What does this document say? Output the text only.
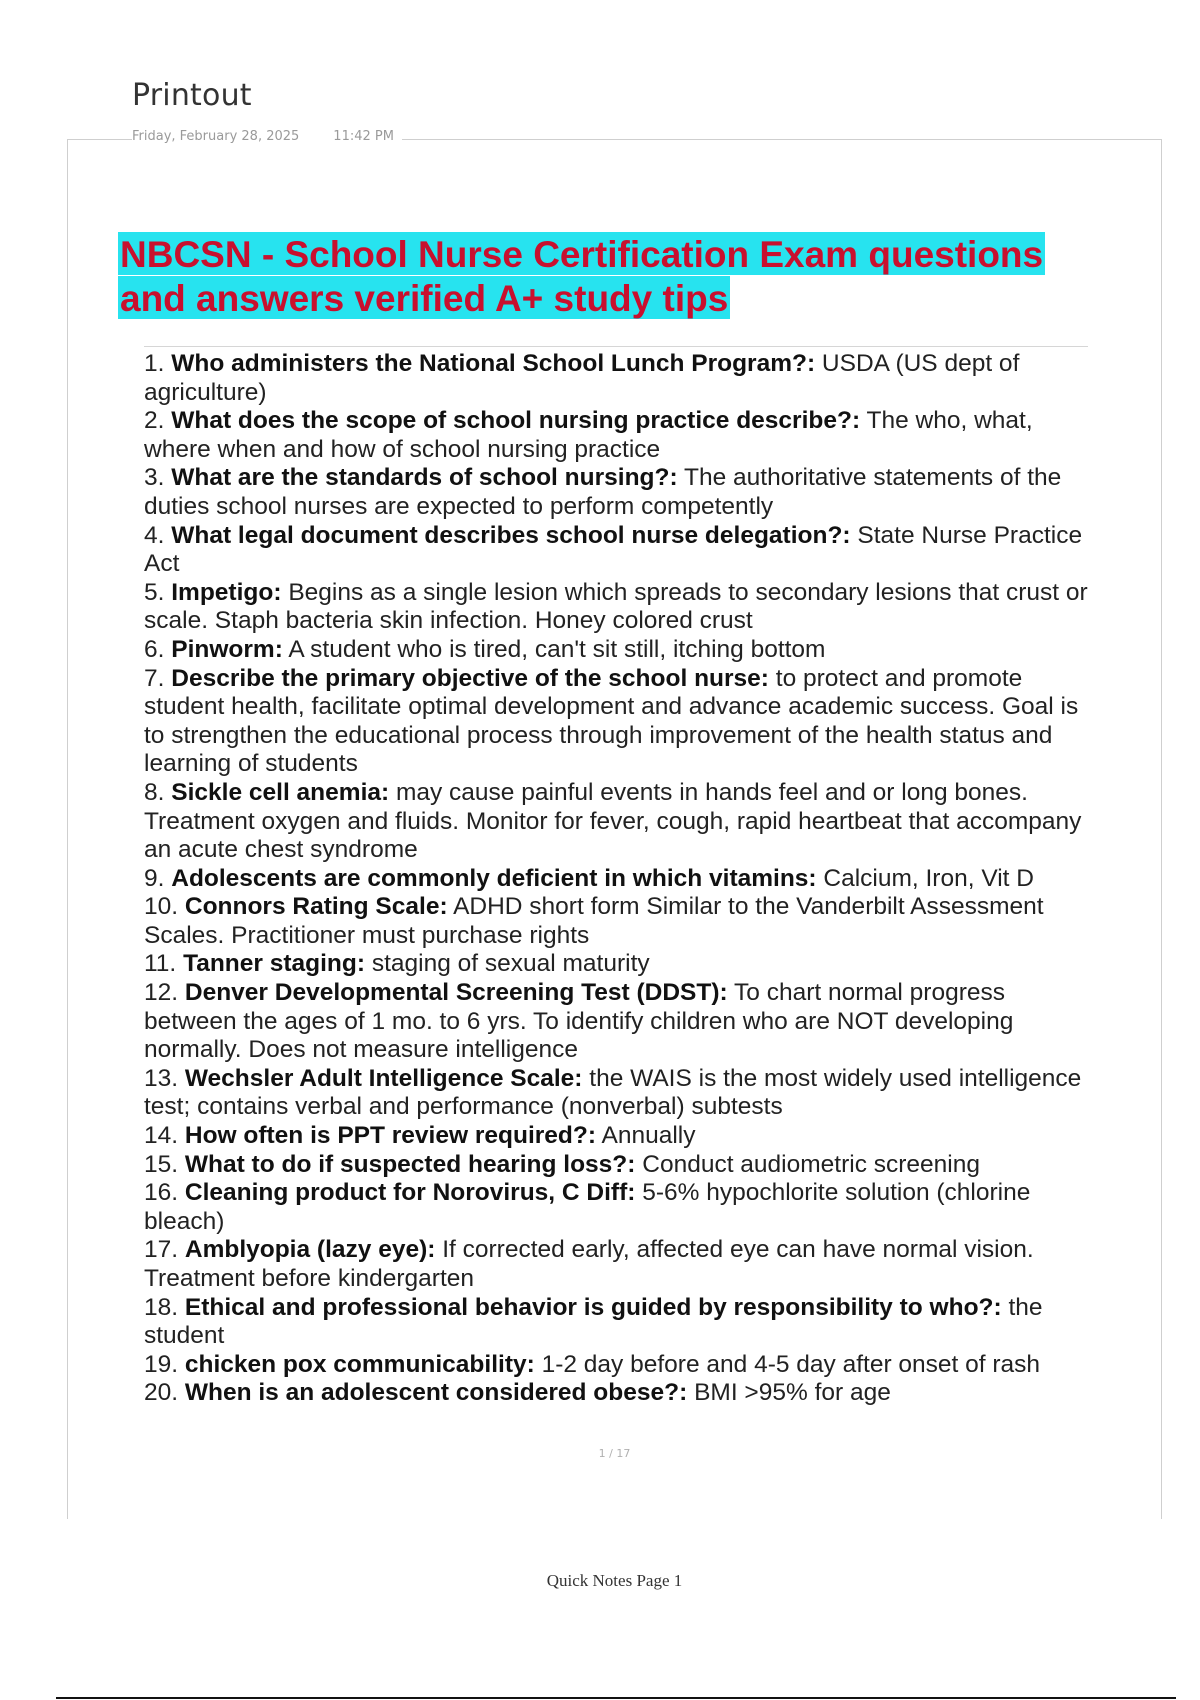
Printout
Friday, February 28, 2025	11:42 PM
NBCSN - School Nurse Certification Exam questions and answers verified A+ study tips
1. Who administers the National School Lunch Program?: USDA (US dept of agriculture)
2. What does the scope of school nursing practice describe?: The who, what, where when and how of school nursing practice
3. What are the standards of school nursing?: The authoritative statements of the duties school nurses are expected to perform competently
4. What legal document describes school nurse delegation?: State Nurse Practice Act
5. Impetigo: Begins as a single lesion which spreads to secondary lesions that crust or scale. Staph bacteria skin infection. Honey colored crust
6. Pinworm: A student who is tired, can't sit still, itching bottom
7. Describe the primary objective of the school nurse: to protect and promote student health, facilitate optimal development and advance academic success. Goal is to strengthen the educational process through improvement of the health status and learning of students
8. Sickle cell anemia: may cause painful events in hands feel and or long bones. Treatment oxygen and fluids. Monitor for fever, cough, rapid heartbeat that accompany an acute chest syndrome
9. Adolescents are commonly deficient in which vitamins: Calcium, Iron, Vit D
10. Connors Rating Scale: ADHD short form Similar to the Vanderbilt Assessment Scales. Practitioner must purchase rights
11. Tanner staging: staging of sexual maturity
12. Denver Developmental Screening Test (DDST): To chart normal progress between the ages of 1 mo. to 6 yrs. To identify children who are NOT developing normally. Does not measure intelligence
13. Wechsler Adult Intelligence Scale: the WAIS is the most widely used intelligence test; contains verbal and performance (nonverbal) subtests
14. How often is PPT review required?: Annually
15. What to do if suspected hearing loss?: Conduct audiometric screening
16. Cleaning product for Norovirus, C Diff: 5-6% hypochlorite solution (chlorine bleach)
17. Amblyopia (lazy eye): If corrected early, affected eye can have normal vision. Treatment before kindergarten
18. Ethical and professional behavior is guided by responsibility to who?: the student
19. chicken pox communicability: 1-2 day before and 4-5 day after onset of rash
20. When is an adolescent considered obese?: BMI >95% for age
1 / 17
Quick Notes Page 1
